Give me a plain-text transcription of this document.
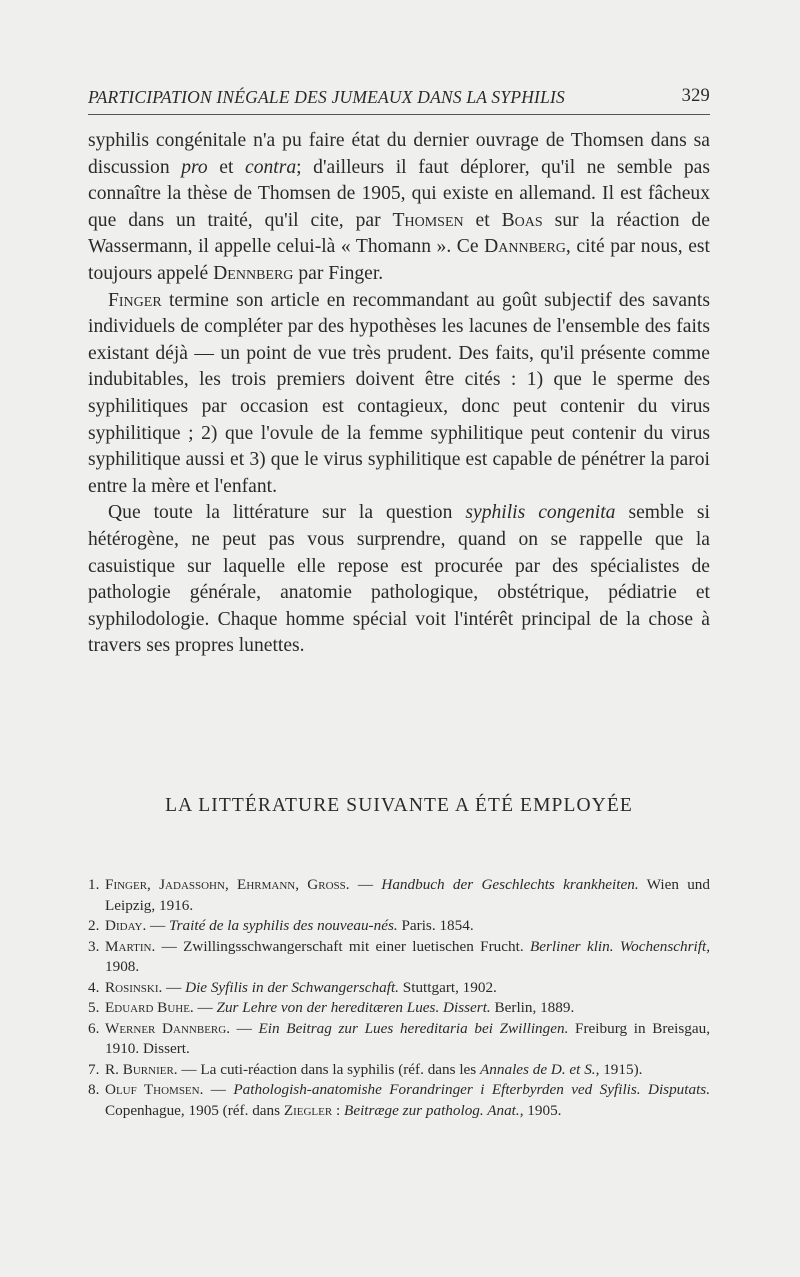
PARTICIPATION INÉGALE DES JUMEAUX DANS LA SYPHILIS	329

syphilis congénitale n'a pu faire état du dernier ouvrage de Thomsen dans sa discussion pro et contra; d'ailleurs il faut déplorer, qu'il ne semble pas connaître la thèse de Thomsen de 1905, qui existe en allemand. Il est fâcheux que dans un traité, qu'il cite, par Thomsen et Boas sur la réaction de Wassermann, il appelle celui-là « Thomann ». Ce Dannberg, cité par nous, est toujours appelé Dennberg par Finger.

Finger termine son article en recommandant au goût subjectif des savants individuels de compléter par des hypothèses les lacunes de l'ensemble des faits existant déjà — un point de vue très prudent. Des faits, qu'il présente comme indubitables, les trois premiers doivent être cités : 1) que le sperme des syphilitiques par occasion est contagieux, donc peut contenir du virus syphilitique ; 2) que l'ovule de la femme syphilitique peut contenir du virus syphilitique aussi et 3) que le virus syphilitique est capable de pénétrer la paroi entre la mère et l'enfant.

Que toute la littérature sur la question syphilis congenita semble si hétérogène, ne peut pas vous surprendre, quand on se rappelle que la casuistique sur laquelle elle repose est procurée par des spécialistes de pathologie générale, anatomie pathologique, obstétrique, pédiatrie et syphilodologie. Chaque homme spécial voit l'intérêt principal de la chose à travers ses propres lunettes.

LA LITTÉRATURE SUIVANTE A ÉTÉ EMPLOYÉE
1. Finger, Jadassohn, Ehrmann, Gross. — Handbuch der Geschlechts krankheiten. Wien und Leipzig, 1916.
2. Diday. — Traité de la syphilis des nouveau-nés. Paris. 1854.
3. Martin. — Zwillingsschwangerschaft mit einer luetischen Frucht. Berliner klin. Wochenschrift, 1908.
4. Rosinski. — Die Syfilis in der Schwangerschaft. Stuttgart, 1902.
5. Eduard Buhe. — Zur Lehre von der hereditæren Lues. Dissert. Berlin, 1889.
6. Werner Dannberg. — Ein Beitrag zur Lues hereditaria bei Zwillingen. Freiburg in Breisgau, 1910. Dissert.
7. R. Burnier. — La cuti-réaction dans la syphilis (réf. dans les Annales de D. et S., 1915).
8. Oluf Thomsen. — Pathologish-anatomishe Forandringer i Efterbyrden ved Syfilis. Disputats. Copenhague, 1905 (réf. dans Ziegler : Beitræge zur patholog. Anat., 1905.
